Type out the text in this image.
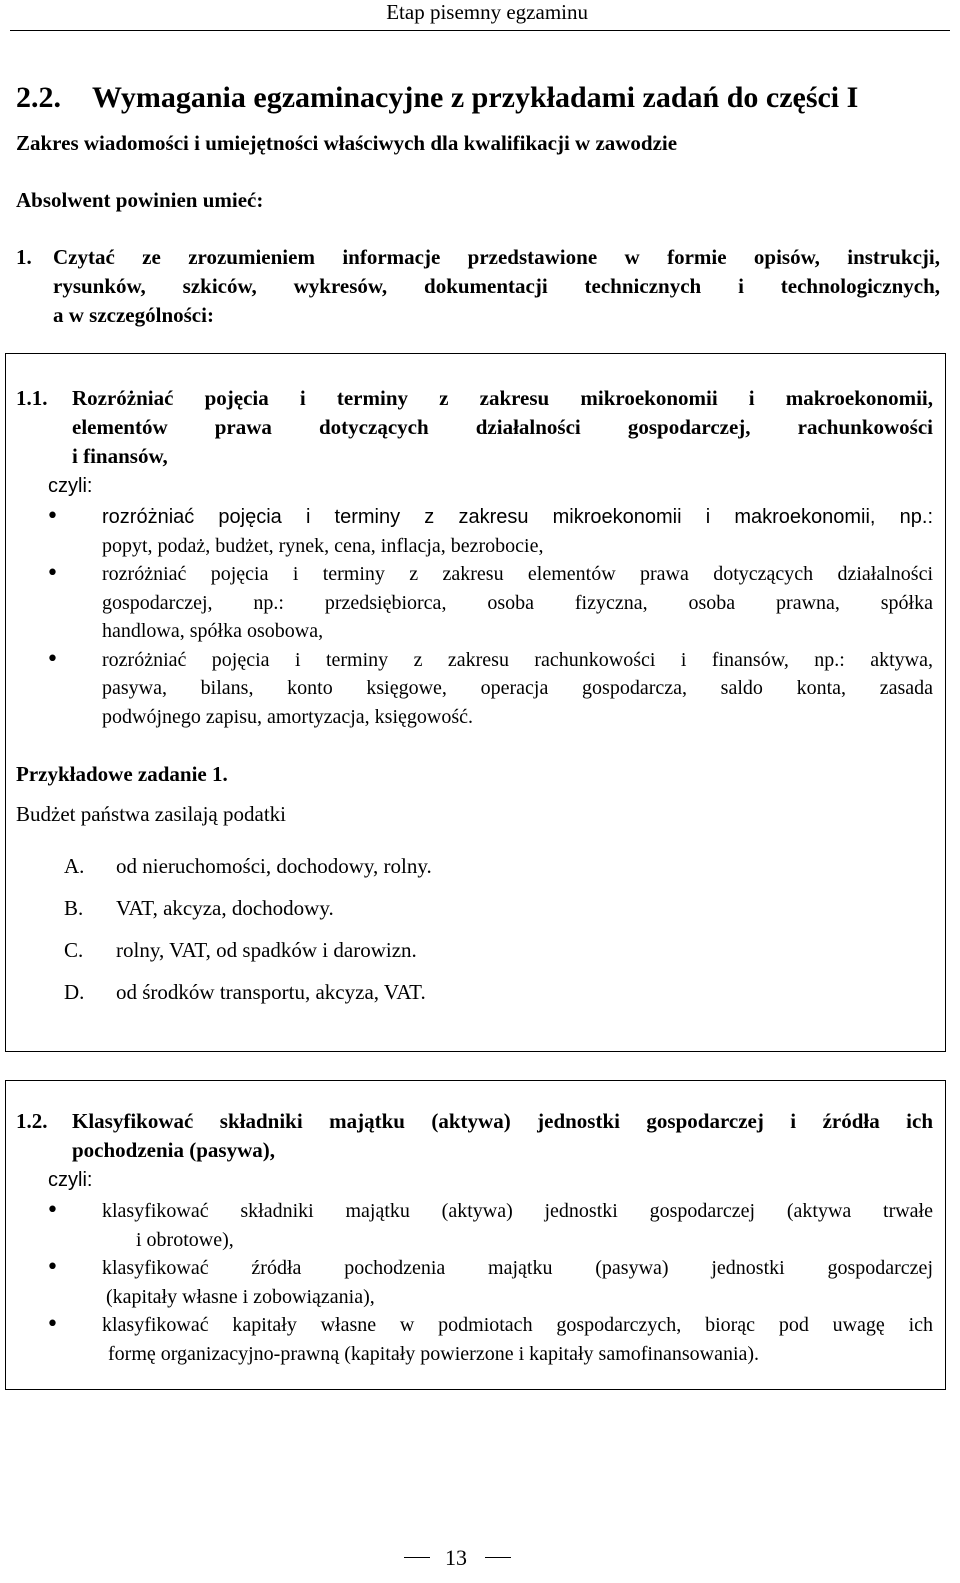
Etap pisemny egzaminu
2.2. Wymagania egzaminacyjne z przykładami zadań do części I
Zakres wiadomości i umiejętności właściwych dla kwalifikacji w zawodzie
Absolwent powinien umieć:
1.	Czytać ze zrozumieniem informacje przedstawione w formie opisów, instrukcji,
rysunków, szkiców, wykresów, dokumentacji technicznych i technologicznych,
a w szczególności:
1.1.	Rozróżniać pojęcia i terminy z zakresu mikroekonomii i makroekonomii,
elementów prawa dotyczących działalności gospodarczej, rachunkowości
i finansów,
czyli:
•
rozróżniać pojęcia i terminy z zakresu mikroekonomii i makroekonomii, np.:
popyt, podaż, budżet, rynek, cena, inflacja, bezrobocie,
•
rozróżniać pojęcia i terminy z zakresu elementów prawa dotyczących działalności
gospodarczej, np.: przedsiębiorca, osoba fizyczna, osoba prawna, spółka
handlowa, spółka osobowa,
•
rozróżniać pojęcia i terminy z zakresu rachunkowości i finansów, np.: aktywa,
pasywa, bilans, konto księgowe, operacja gospodarcza, saldo konta, zasada
podwójnego zapisu, amortyzacja, księgowość.
Przykładowe zadanie 1.
Budżet państwa zasilają podatki
A.	od nieruchomości, dochodowy, rolny.
B.	VAT, akcyza, dochodowy.
C.	rolny, VAT, od spadków i darowizn.
D.	od środków transportu, akcyza, VAT.
1.2.	Klasyfikować składniki majątku (aktywa) jednostki gospodarczej i źródła ich
pochodzenia (pasywa),
czyli:
•
klasyfikować składniki majątku (aktywa) jednostki gospodarczej (aktywa trwałe
i obrotowe),
•
klasyfikować źródła pochodzenia majątku (pasywa) jednostki gospodarczej
(kapitały własne i zobowiązania),
•
klasyfikować kapitały własne w podmiotach gospodarczych, biorąc pod uwagę ich
formę organizacyjno-prawną (kapitały powierzone i kapitały samofinansowania).
13
